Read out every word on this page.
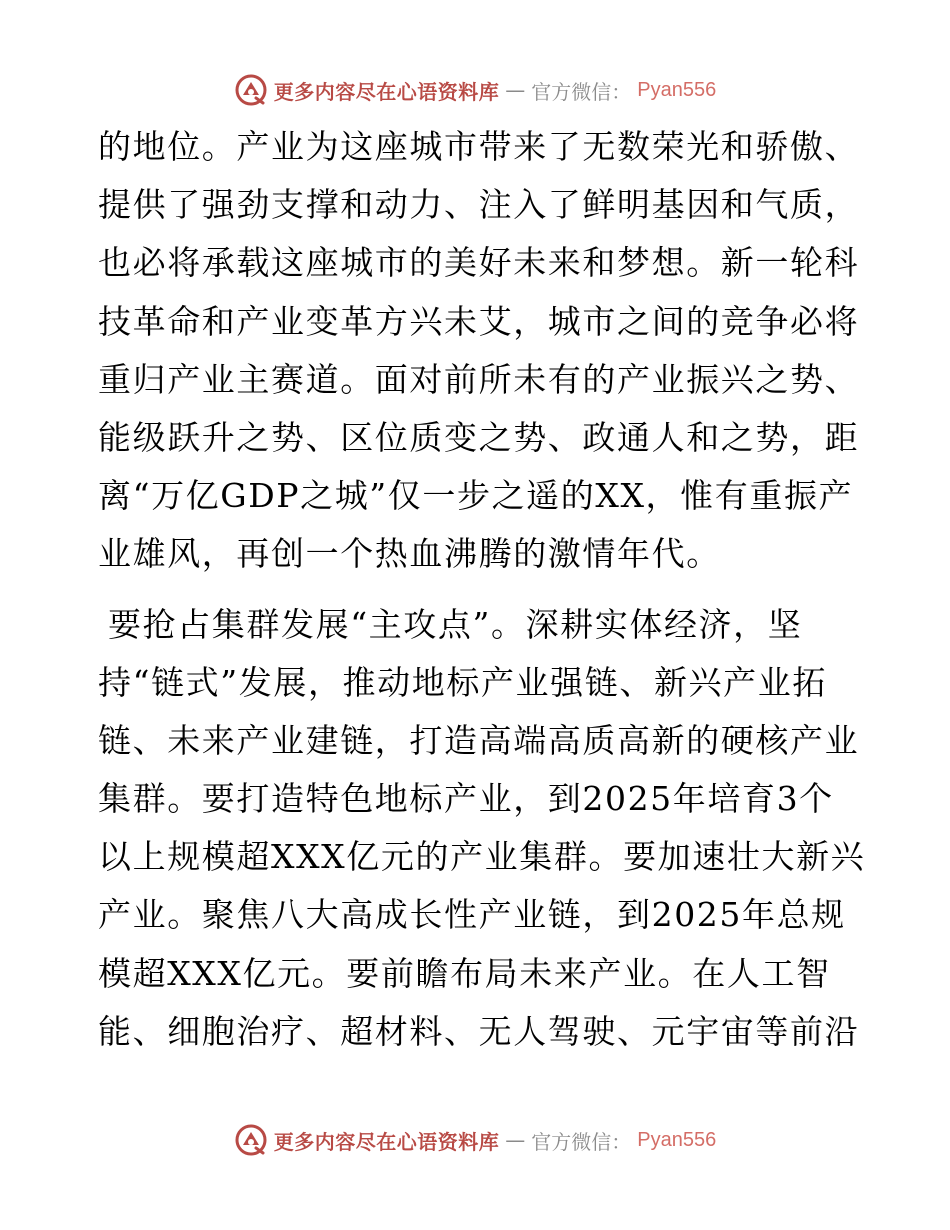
更多内容尽在心语资料库 — 官方微信： Pyan556
的地位。产业为这座城市带来了无数荣光和骄傲、
提供了强劲支撑和动力、注入了鲜明基因和气质，
也必将承载这座城市的美好未来和梦想。新一轮科
技革命和产业变革方兴未艾，城市之间的竞争必将
重归产业主赛道。面对前所未有的产业振兴之势、
能级跃升之势、区位质变之势、政通人和之势，距
离“万亿GDP之城”仅一步之遥的XX，惟有重振产
业雄风，再创一个热血沸腾的激情年代。
要抢占集群发展“主攻点”。深耕实体经济，坚
持“链式”发展，推动地标产业强链、新兴产业拓
链、未来产业建链，打造高端高质高新的硬核产业
集群。要打造特色地标产业，到2025年培育3个
以上规模超XXX亿元的产业集群。要加速壮大新兴
产业。聚焦八大高成长性产业链，到2025年总规
模超XXX亿元。要前瞻布局未来产业。在人工智
能、细胞治疗、超材料、无人驾驶、元宇宙等前沿
更多内容尽在心语资料库 — 官方微信： Pyan556
